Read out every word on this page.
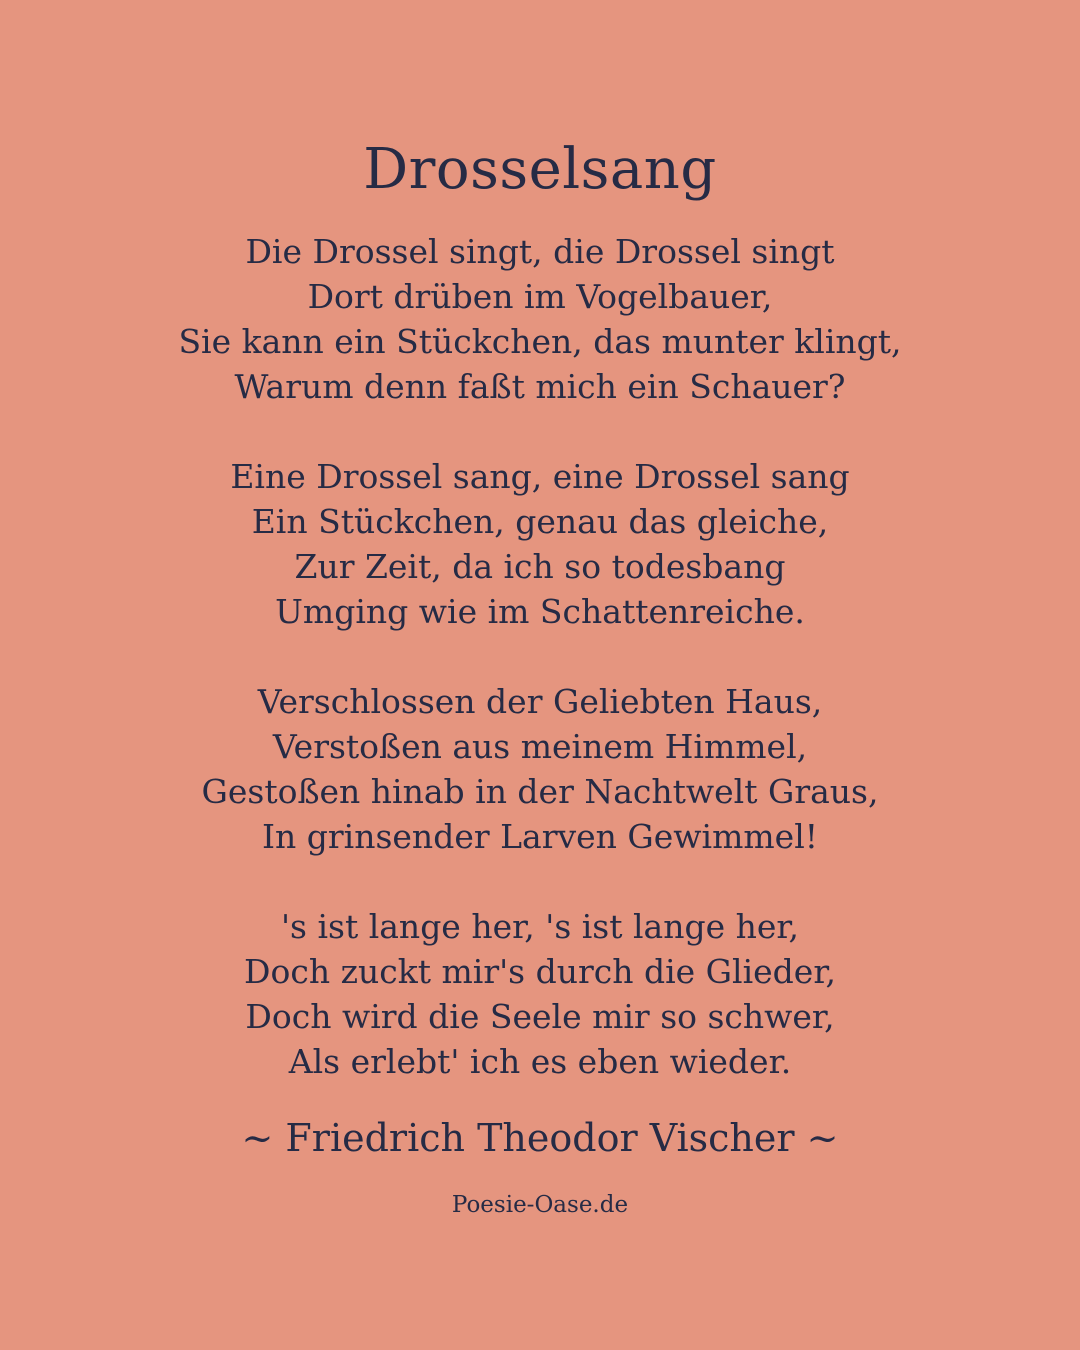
Drosselsang
Die Drossel singt, die Drossel singt
Dort drüben im Vogelbauer,
Sie kann ein Stückchen, das munter klingt,
Warum denn faßt mich ein Schauer?
Eine Drossel sang, eine Drossel sang
Ein Stückchen, genau das gleiche,
Zur Zeit, da ich so todesbang
Umging wie im Schattenreiche.
Verschlossen der Geliebten Haus,
Verstoßen aus meinem Himmel,
Gestoßen hinab in der Nachtwelt Graus,
In grinsender Larven Gewimmel!
's ist lange her, 's ist lange her,
Doch zuckt mir's durch die Glieder,
Doch wird die Seele mir so schwer,
Als erlebt' ich es eben wieder.
~ Friedrich Theodor Vischer ~
Poesie-Oase.de
